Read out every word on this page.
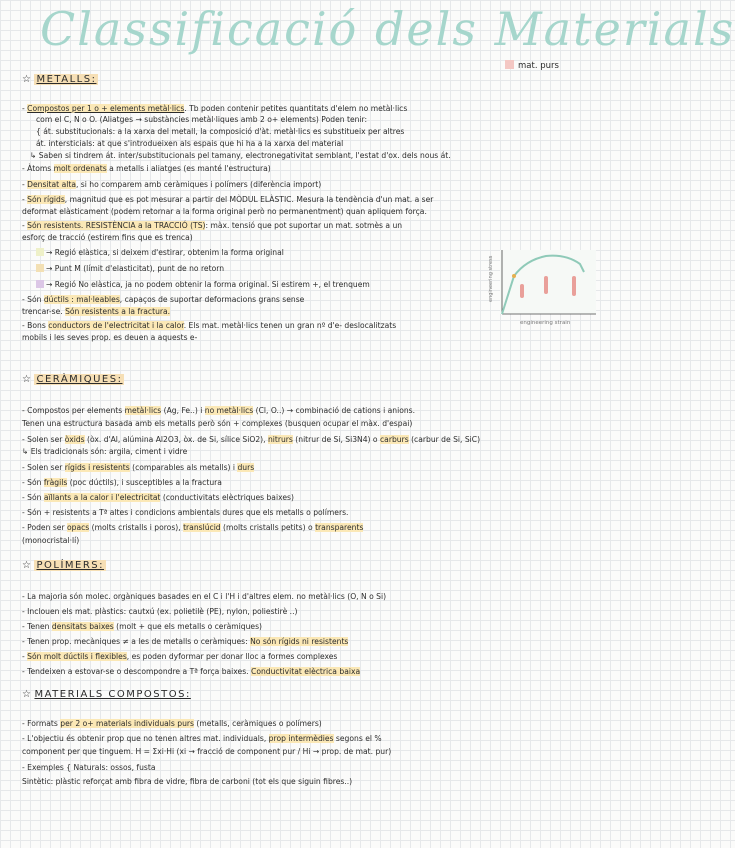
Classificació dels Materials
mat. purs
☆ METALLS:
- Compostos per 1 o + elements metàl·lics. Tb poden contenir petites quantitats d'elem no metàl·lics
com el C, N o O. (Aliatges → substàncies metàl·liques amb 2 o+ elements) Poden tenir:
{ át. substitucionals: a la xarxa del metall, la composició d'àt. metàl·lics es substitueix per altres
át. intersticials: at que s'introdueixen als espais que hi ha a la xarxa del material
↳ Saben si tindrem át. inter/substitucionals pel tamany, electronegativitat semblant, l'estat d'ox. dels nous át.
- Àtoms molt ordenats a metalls i aliatges (es manté l'estructura)
- Densitat alta, si ho comparem amb ceràmiques i polímers (diferència import)
- Són rígids, magnitud que es pot mesurar a partir del MÒDUL ELÀSTIC. Mesura la tendència d'un mat. a ser
deformat elàsticament (podem retornar a la forma original però no permanentment) quan apliquem força.
- Són resistents. RESISTÈNCIA a la TRACCIÓ (TS): màx. tensió que pot suportar un mat. sotmès a un
esforç de tracció (estirem fins que es trenca)
→ Regió elàstica, si deixem d'estirar, obtenim la forma original
→ Punt M (límit d'elasticitat), punt de no retorn
→ Regió No elàstica, ja no podem obtenir la forma original. Si estirem +, el trenquem
- Són dúctils : mal·leables, capaços de suportar deformacions grans sense
trencar-se. Són resistents a la fractura.
- Bons conductors de l'electricitat i la calor. Els mat. metàl·lics tenen un gran nº d'e- deslocalitzats
mobils i les seves prop. es deuen a aquests e-
engineering stress
engineering strain
☆ CERÀMIQUES:
- Compostos per elements metàl·lics (Ag, Fe..) i no metàl·lics (Cl, O..) → combinació de cations i anions.
Tenen una estructura basada amb els metalls però són + complexes (busquen ocupar el màx. d'espai)
- Solen ser òxids (òx. d'Al, alúmina Al2O3, òx. de Si, sílice SiO2), nitrurs (nitrur de Si, Si3N4) o carburs (carbur de Si, SiC)
↳ Els tradicionals són: argila, ciment i vidre
- Solen ser rígids i resistents (comparables als metalls) i durs
- Són fràgils (poc dúctils), i susceptibles a la fractura
- Són aïllants a la calor i l'electricitat (conductivitats elèctriques baixes)
- Són + resistents a Tª altes i condicions ambientals dures que els metalls o polímers.
- Poden ser opacs (molts cristalls i poros), translúcid (molts cristalls petits) o transparents
(monocristal·lí)
☆ POLÍMERS:
- La majoria són molec. orgàniques basades en el C i l'H i d'altres elem. no metàl·lics (O, N o Si)
- Inclouen els mat. plàstics: cautxú (ex. polietilè (PE), nylon, poliestirè ..)
- Tenen densitats baixes (molt + que els metalls o ceràmiques)
- Tenen prop. mecàniques ≠ a les de metalls o ceràmiques: No són rígids ni resistents
- Són molt dúctils i flexibles, es poden dyformar per donar lloc a formes complexes
- Tendeixen a estovar-se o descompondre a Tª força baixes. Conductivitat elèctrica baixa
☆ MATERIALS COMPOSTOS:
- Formats per 2 o+ materials individuals purs (metalls, ceràmiques o polímers)
- L'objectiu és obtenir prop que no tenen altres mat. individuals, prop intermèdies segons el %
component per que tinguem. H = Σxi·Hi (xi → fracció de component pur / Hi → prop. de mat. pur)
- Exemples { Naturals: ossos, fusta
Sintètic: plàstic reforçat amb fibra de vidre, fibra de carboni (tot els que siguin fibres..)
